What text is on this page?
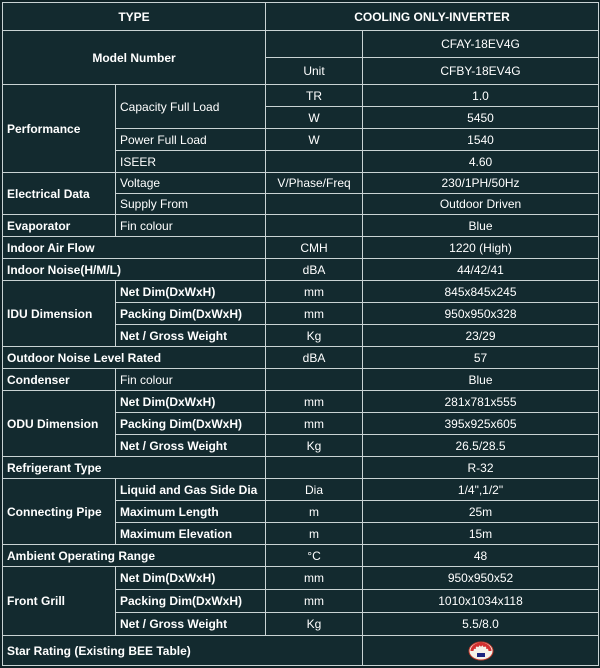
TYPE		COOLING ONLY-INVERTER	
Model Number			CFAY-18EV4G
		Unit	CFBY-18EV4G
Performance	Capacity Full Load	TR	1.0
		W	5450
	Power Full Load	W	1540
	ISEER		4.60
Electrical Data	Voltage	V/Phase/Freq	230/1PH/50Hz
	Supply From		Outdoor Driven
Evaporator	Fin colour		Blue
Indoor Air Flow		CMH	1220 (High)
Indoor Noise(H/M/L)		dBA	44/42/41
IDU Dimension	Net Dim(DxWxH)	mm	845x845x245
	Packing Dim(DxWxH)	mm	950x950x328
	Net / Gross Weight	Kg	23/29
Outdoor Noise Level Rated		dBA	57
Condenser	Fin colour		Blue
ODU Dimension	Net Dim(DxWxH)	mm	281x781x555
	Packing Dim(DxWxH)	mm	395x925x605
	Net / Gross Weight	Kg	26.5/28.5
Refrigerant Type			R-32
Connecting Pipe	Liquid and Gas Side Dia	Dia	1/4",1/2"
	Maximum Length	m	25m
	Maximum Elevation	m	15m
Ambient Operating Range		°C	48
Front Grill	Net Dim(DxWxH)	mm	950x950x52
	Packing Dim(DxWxH)	mm	1010x1034x118
	Net / Gross Weight	Kg	5.5/8.0
Star Rating (Existing BEE Table)	
